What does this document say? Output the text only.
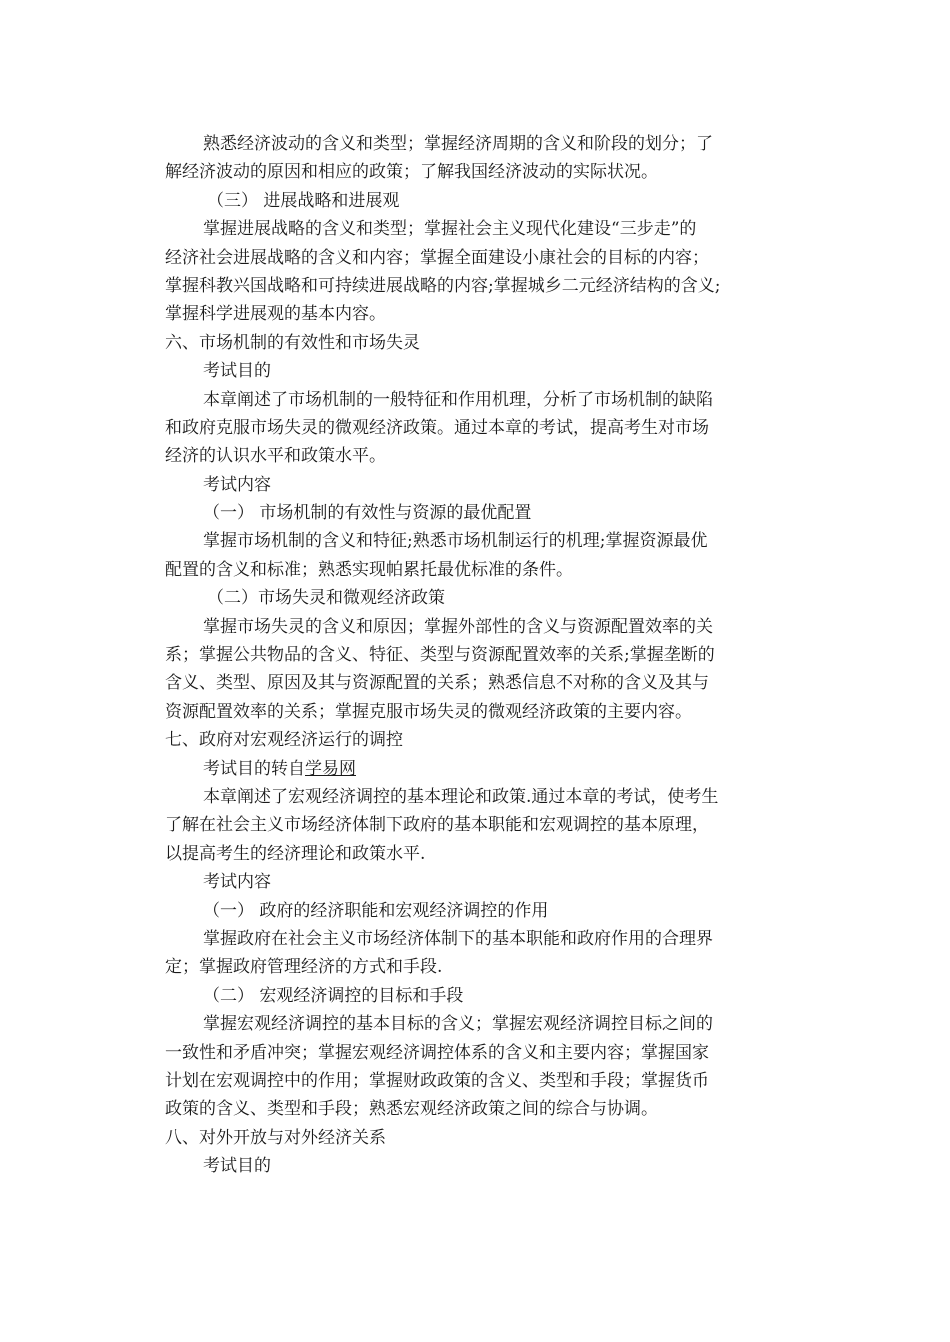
熟悉经济波动的含义和类型；掌握经济周期的含义和阶段的划分；了
解经济波动的原因和相应的政策；了解我国经济波动的实际状况。
（三） 进展战略和进展观
掌握进展战略的含义和类型；掌握社会主义现代化建设“三步走”的
经济社会进展战略的含义和内容；掌握全面建设小康社会的目标的内容；
掌握科教兴国战略和可持续进展战略的内容;掌握城乡二元经济结构的含义;
掌握科学进展观的基本内容。
六、市场机制的有效性和市场失灵
考试目的
本章阐述了市场机制的一般特征和作用机理，分析了市场机制的缺陷
和政府克服市场失灵的微观经济政策。通过本章的考试，提高考生对市场
经济的认识水平和政策水平。
考试内容
（一） 市场机制的有效性与资源的最优配置
掌握市场机制的含义和特征;熟悉市场机制运行的机理;掌握资源最优
配置的含义和标准；熟悉实现帕累托最优标准的条件。
（二）市场失灵和微观经济政策
掌握市场失灵的含义和原因；掌握外部性的含义与资源配置效率的关
系；掌握公共物品的含义、特征、类型与资源配置效率的关系;掌握垄断的
含义、类型、原因及其与资源配置的关系；熟悉信息不对称的含义及其与
资源配置效率的关系；掌握克服市场失灵的微观经济政策的主要内容。
七、政府对宏观经济运行的调控
考试目的转自学易网
本章阐述了宏观经济调控的基本理论和政策.通过本章的考试，使考生
了解在社会主义市场经济体制下政府的基本职能和宏观调控的基本原理，
以提高考生的经济理论和政策水平.
考试内容
（一） 政府的经济职能和宏观经济调控的作用
掌握政府在社会主义市场经济体制下的基本职能和政府作用的合理界
定；掌握政府管理经济的方式和手段.
（二） 宏观经济调控的目标和手段
掌握宏观经济调控的基本目标的含义；掌握宏观经济调控目标之间的
一致性和矛盾冲突；掌握宏观经济调控体系的含义和主要内容；掌握国家
计划在宏观调控中的作用；掌握财政政策的含义、类型和手段；掌握货币
政策的含义、类型和手段；熟悉宏观经济政策之间的综合与协调。
八、对外开放与对外经济关系
考试目的
